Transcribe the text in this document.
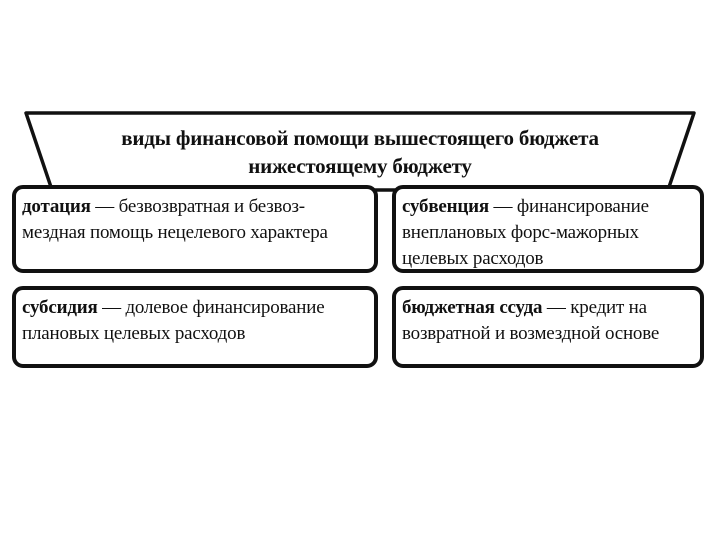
виды финансовой помощи вышестоящего бюджета
нижестоящему бюджету
дотация — безвозвратная и безвоз-
мездная помощь нецелевого характера
субвенция — финансирование
внеплановых форс-мажорных
целевых расходов
субсидия — долевое финансирование
плановых целевых расходов
бюджетная ссуда — кредит на
возвратной и возмездной основе
